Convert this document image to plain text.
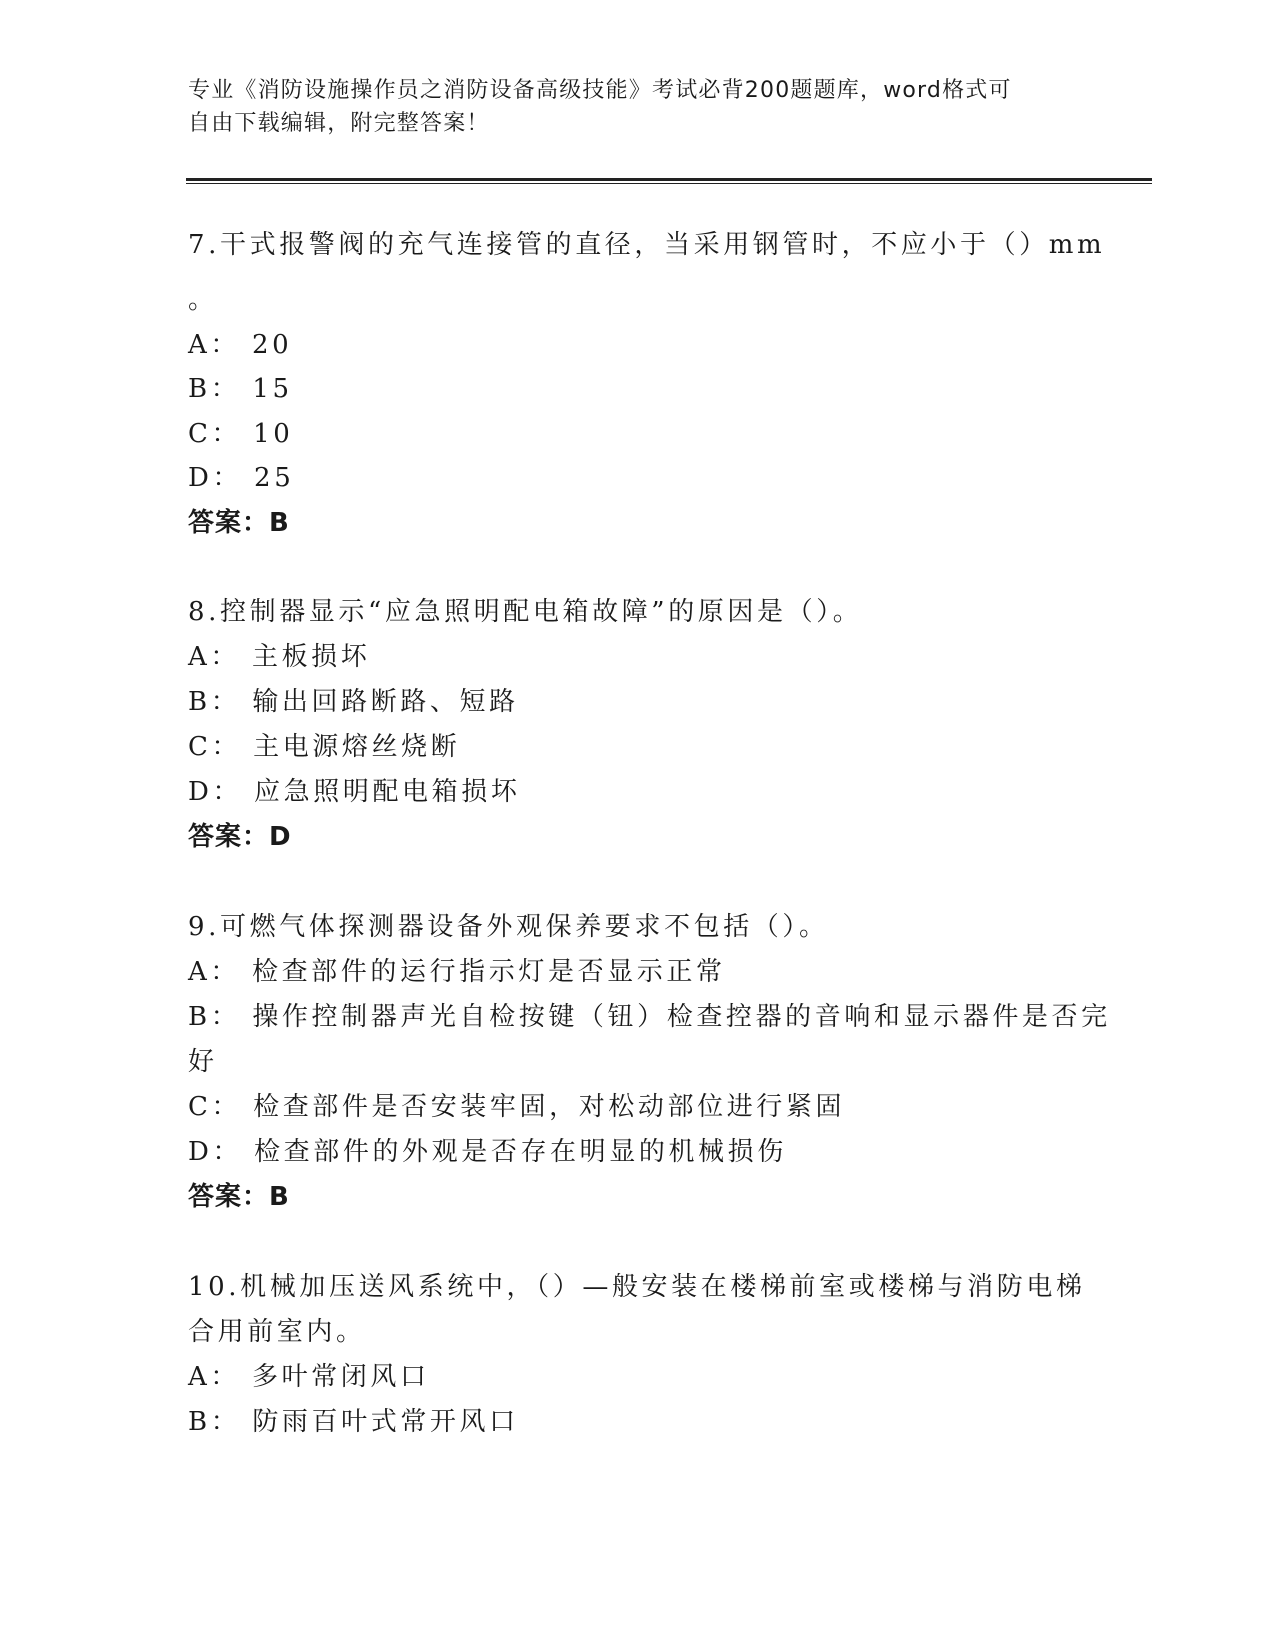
专业《消防设施操作员之消防设备高级技能》考试必背200题题库，word格式可
自由下载编辑，附完整答案！
7.干式报警阀的充气连接管的直径，当采用钢管时，不应小于（）mm
。
A： 20
B： 15
C： 10
D： 25
答案：B
8.控制器显示“应急照明配电箱故障”的原因是（）。
A： 主板损坏
B： 输出回路断路、短路
C： 主电源熔丝烧断
D： 应急照明配电箱损坏
答案：D
9.可燃气体探测器设备外观保养要求不包括（）。
A： 检查部件的运行指示灯是否显示正常
B： 操作控制器声光自检按键（钮）检查控器的音响和显示器件是否完
好
C： 检查部件是否安装牢固，对松动部位进行紧固
D： 检查部件的外观是否存在明显的机械损伤
答案：B
10.机械加压送风系统中，（）—般安装在楼梯前室或楼梯与消防电梯
合用前室内。
A： 多叶常闭风口
B： 防雨百叶式常开风口
